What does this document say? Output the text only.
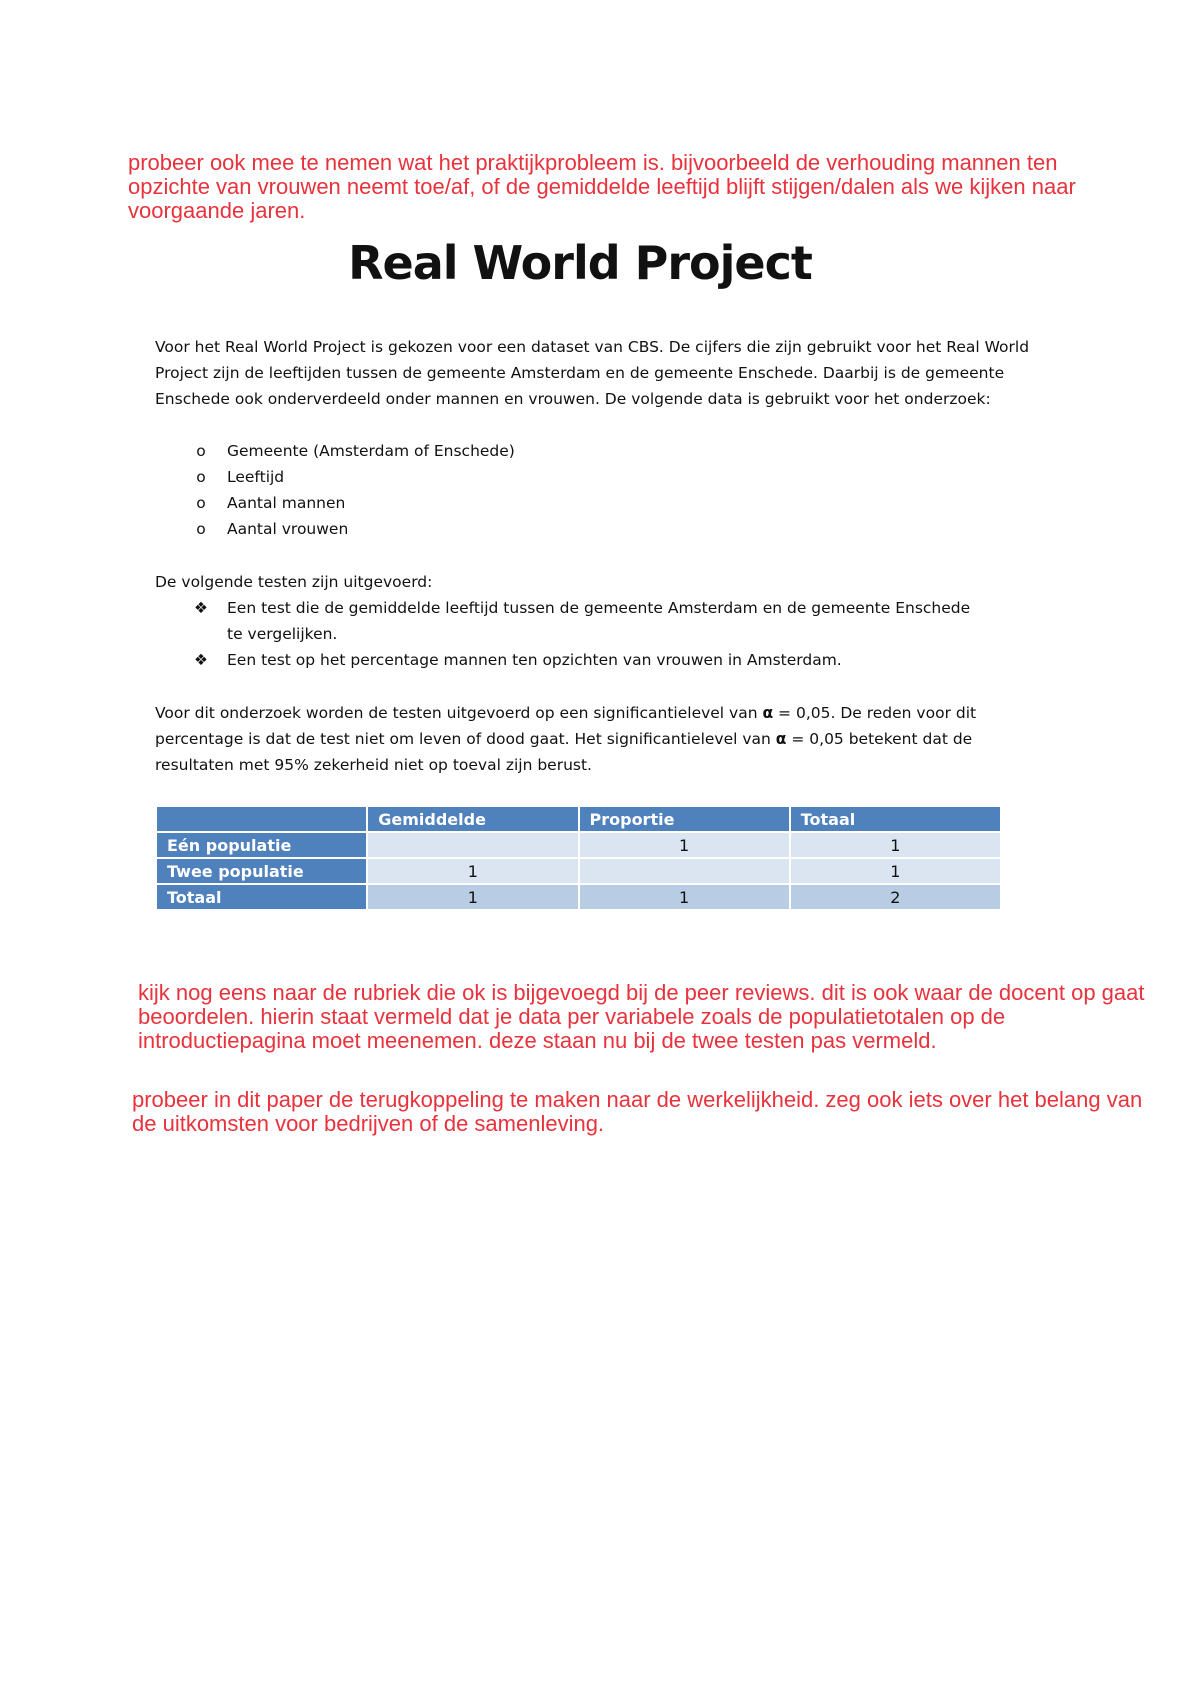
probeer ook mee te nemen wat het praktijkprobleem is. bijvoorbeeld de verhouding mannen ten opzichte van vrouwen neemt toe/af, of de gemiddelde leeftijd blijft stijgen/dalen als we kijken naar voorgaande jaren.

Real World Project

Voor het Real World Project is gekozen voor een dataset van CBS. De cijfers die zijn gebruikt voor het Real World Project zijn de leeftijden tussen de gemeente Amsterdam en de gemeente Enschede. Daarbij is de gemeente Enschede ook onderverdeeld onder mannen en vrouwen. De volgende data is gebruikt voor het onderzoek:

o	Gemeente (Amsterdam of Enschede)
o	Leeftijd
o	Aantal mannen
o	Aantal vrouwen

De volgende testen zijn uitgevoerd:

❖ Een test die de gemiddelde leeftijd tussen de gemeente Amsterdam en de gemeente Enschede te vergelijken.
❖ Een test op het percentage mannen ten opzichten van vrouwen in Amsterdam.

Voor dit onderzoek worden de testen uitgevoerd op een significantielevel van α = 0,05. De reden voor dit percentage is dat de test niet om leven of dood gaat. Het significantielevel van α = 0,05 betekent dat de resultaten met 95% zekerheid niet op toeval zijn berust.

	Gemiddelde	Proportie	Totaal
Eén populatie		1	1
Twee populatie	1		1
Totaal	1	1	2

kijk nog eens naar de rubriek die ok is bijgevoegd bij de peer reviews. dit is ook waar de docent op gaat beoordelen. hierin staat vermeld dat je data per variabele zoals de populatietotalen op de introductiepagina moet meenemen. deze staan nu bij de twee testen pas vermeld.

probeer in dit paper de terugkoppeling te maken naar de werkelijkheid. zeg ook iets over het belang van de uitkomsten voor bedrijven of de samenleving.
